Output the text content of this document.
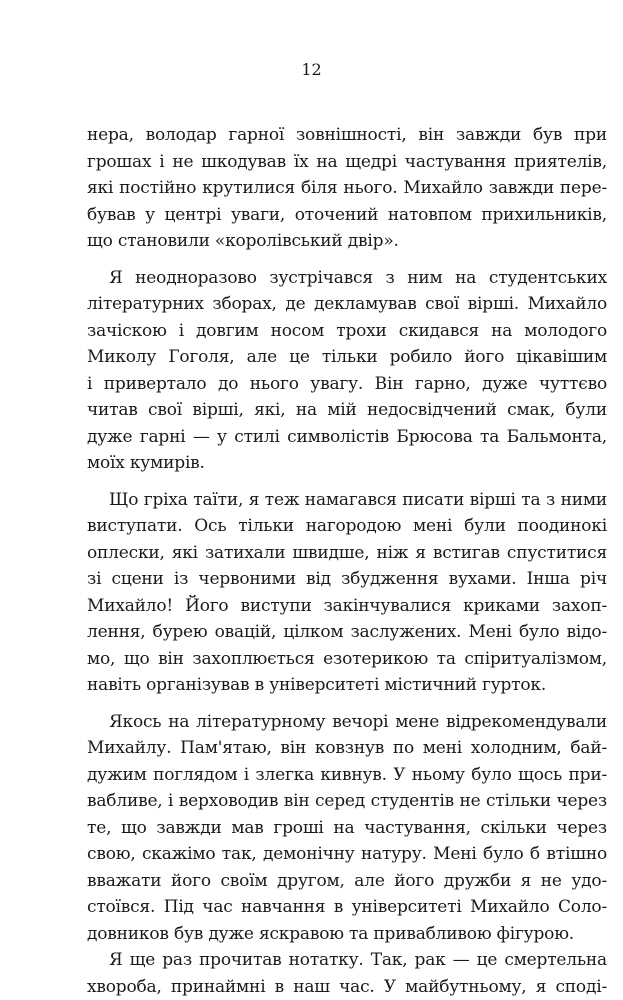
12

нера, володар гарної зовнішності, він завжди був при
грошах і не шкодував їх на щедрі частування приятелів,
які постійно крутилися біля нього. Михайло завжди пере-
бував у центрі уваги, оточений натовпом прихильників,
що становили «королівський двір».

Я неодноразово зустрічався з ним на студентських
літературних зборах, де декламував свої вірші. Михайло
зачіскою і довгим носом трохи скидався на молодого
Миколу Гоголя, але це тільки робило його цікавішим
і привертало до нього увагу. Він гарно, дуже чуттєво
читав свої вірші, які, на мій недосвідчений смак, були
дуже гарні — у стилі символістів Брюсова та Бальмонта,
моїх кумирів.

Що гріха таїти, я теж намагався писати вірші та з ними
виступати. Ось тільки нагородою мені були поодинокі
оплески, які затихали швидше, ніж я встигав спуститися
зі сцени із червоними від збудження вухами. Інша річ
Михайло! Його виступи закінчувалися криками захоп-
лення, бурею овацій, цілком заслужених. Мені було відо-
мо, що він захоплюється езотерикою та спіритуалізмом,
навіть організував в університеті містичний гурток.

Якось на літературному вечорі мене відрекомендували
Михайлу. Пам'ятаю, він ковзнув по мені холодним, бай-
дужим поглядом і злегка кивнув. У ньому було щось при-
вабливе, і верховодив він серед студентів не стільки через
те, що завжди мав гроші на частування, скільки через
свою, скажімо так, демонічну натуру. Мені було б втішно
вважати його своїм другом, але його дружби я не удо-
стоївся. Під час навчання в університеті Михайло Соло-
довников був дуже яскравою та привабливою фігурою.

Я ще раз прочитав нотатку. Так, рак — це смертельна
хвороба, принаймні в наш час. У майбутньому, я сподi-
